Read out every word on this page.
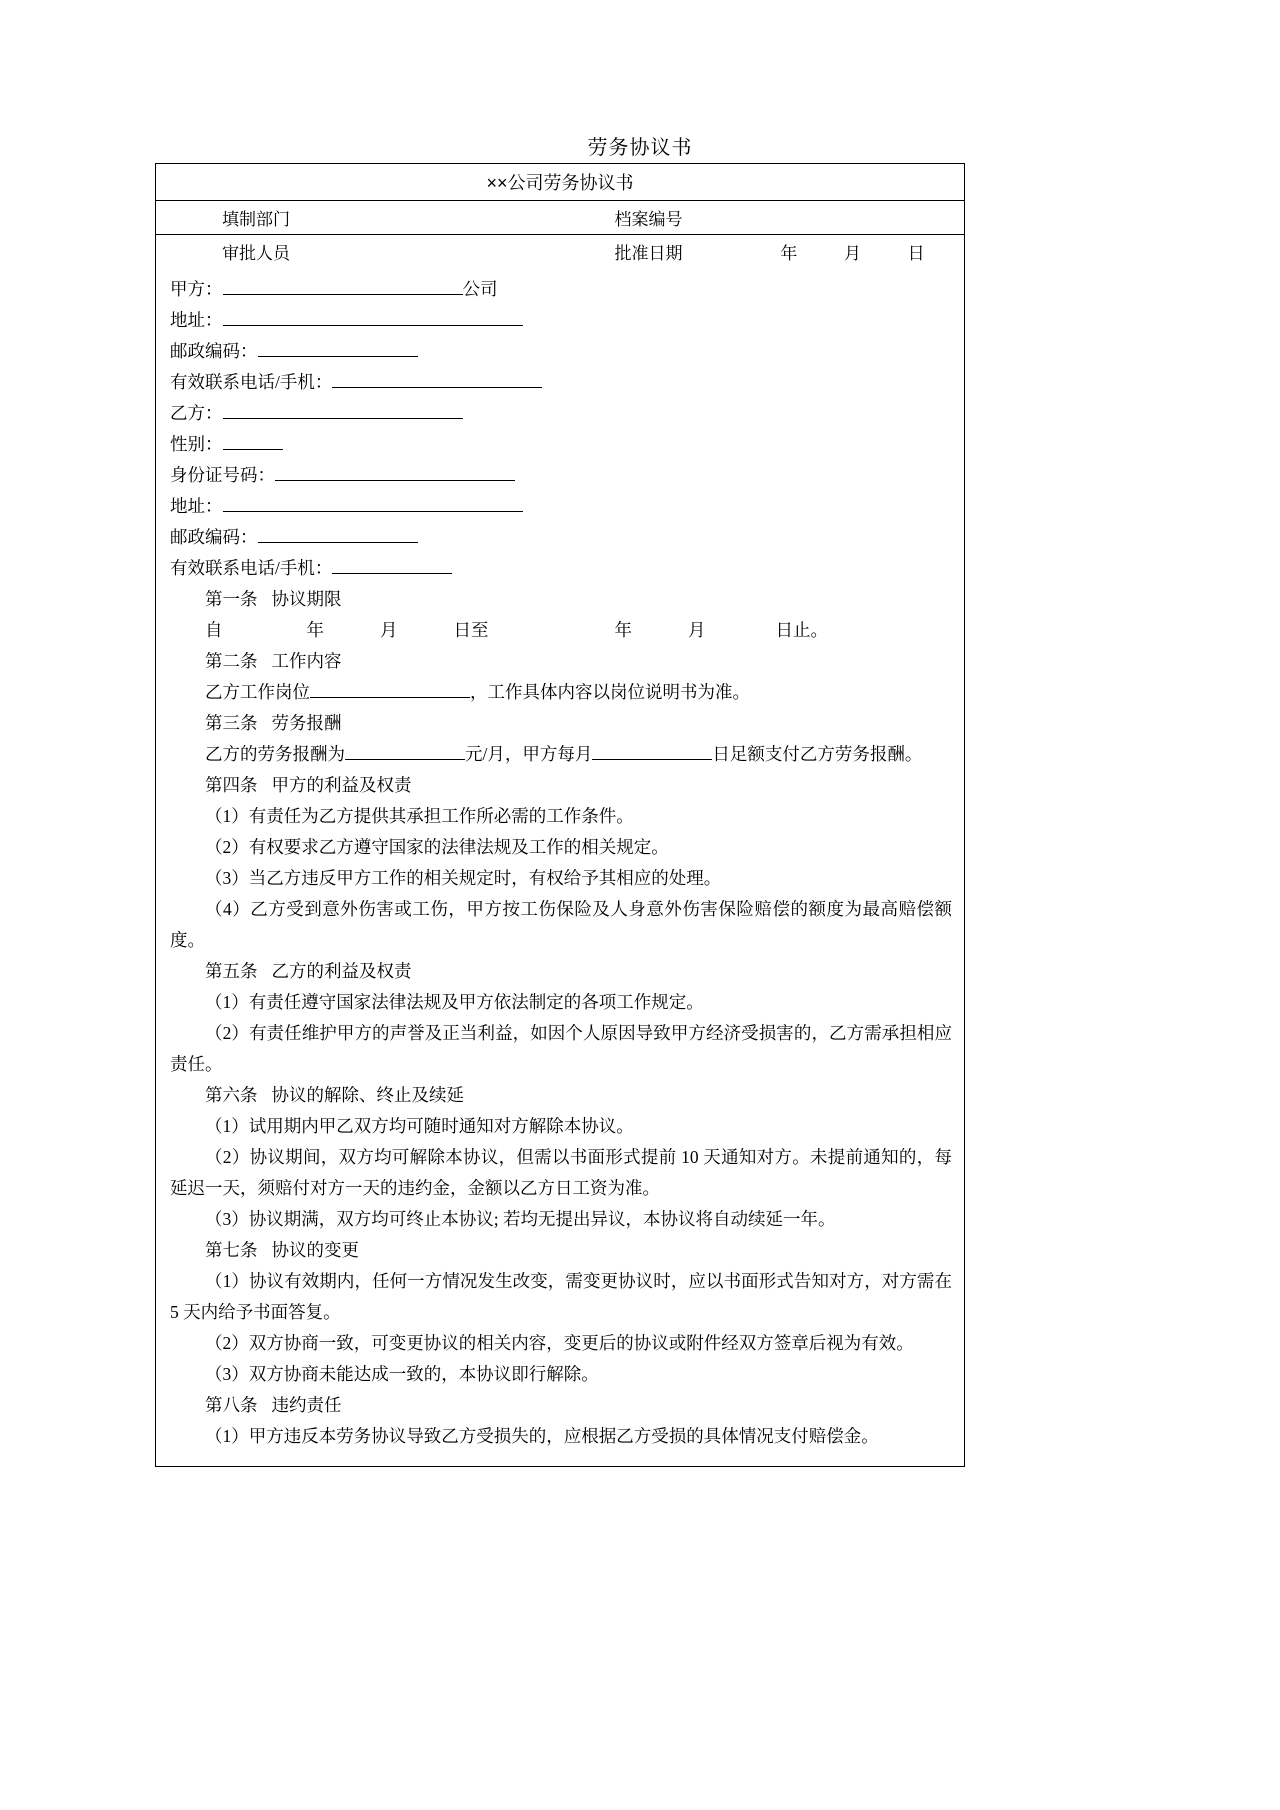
劳务协议书
××公司劳务协议书			
填制部门		档案编号	
审批人员		批准日期	年 月 日
甲方：	公司
地址：
邮政编码：
有效联系电话/手机：
乙方：
性别：
身份证号码：
地址：
邮政编码：
有效联系电话/手机：
第一条 协议期限
自	年	月	日至	年	月	日止。
第二条 工作内容
乙方工作岗位	，工作具体内容以岗位说明书为准。
第三条 劳务报酬
乙方的劳务报酬为	元/月，甲方每月	日足额支付乙方劳务报酬。
第四条 甲方的利益及权责
（1）有责任为乙方提供其承担工作所必需的工作条件。
（2）有权要求乙方遵守国家的法律法规及工作的相关规定。
（3）当乙方违反甲方工作的相关规定时，有权给予其相应的处理。
（4）乙方受到意外伤害或工伤，甲方按工伤保险及人身意外伤害保险赔偿的额度为最高赔偿额度。
第五条 乙方的利益及权责
（1）有责任遵守国家法律法规及甲方依法制定的各项工作规定。
（2）有责任维护甲方的声誉及正当利益，如因个人原因导致甲方经济受损害的，乙方需承担相应责任。
第六条 协议的解除、终止及续延
（1）试用期内甲乙双方均可随时通知对方解除本协议。
（2）协议期间，双方均可解除本协议，但需以书面形式提前 10 天通知对方。未提前通知的，每延迟一天，须赔付对方一天的违约金，金额以乙方日工资为准。
（3）协议期满，双方均可终止本协议; 若均无提出异议，本协议将自动续延一年。
第七条 协议的变更
（1）协议有效期内，任何一方情况发生改变，需变更协议时，应以书面形式告知对方，对方需在 5 天内给予书面答复。
（2）双方协商一致，可变更协议的相关内容，变更后的协议或附件经双方签章后视为有效。
（3）双方协商未能达成一致的，本协议即行解除。
第八条 违约责任
（1）甲方违反本劳务协议导致乙方受损失的，应根据乙方受损的具体情况支付赔偿金。
